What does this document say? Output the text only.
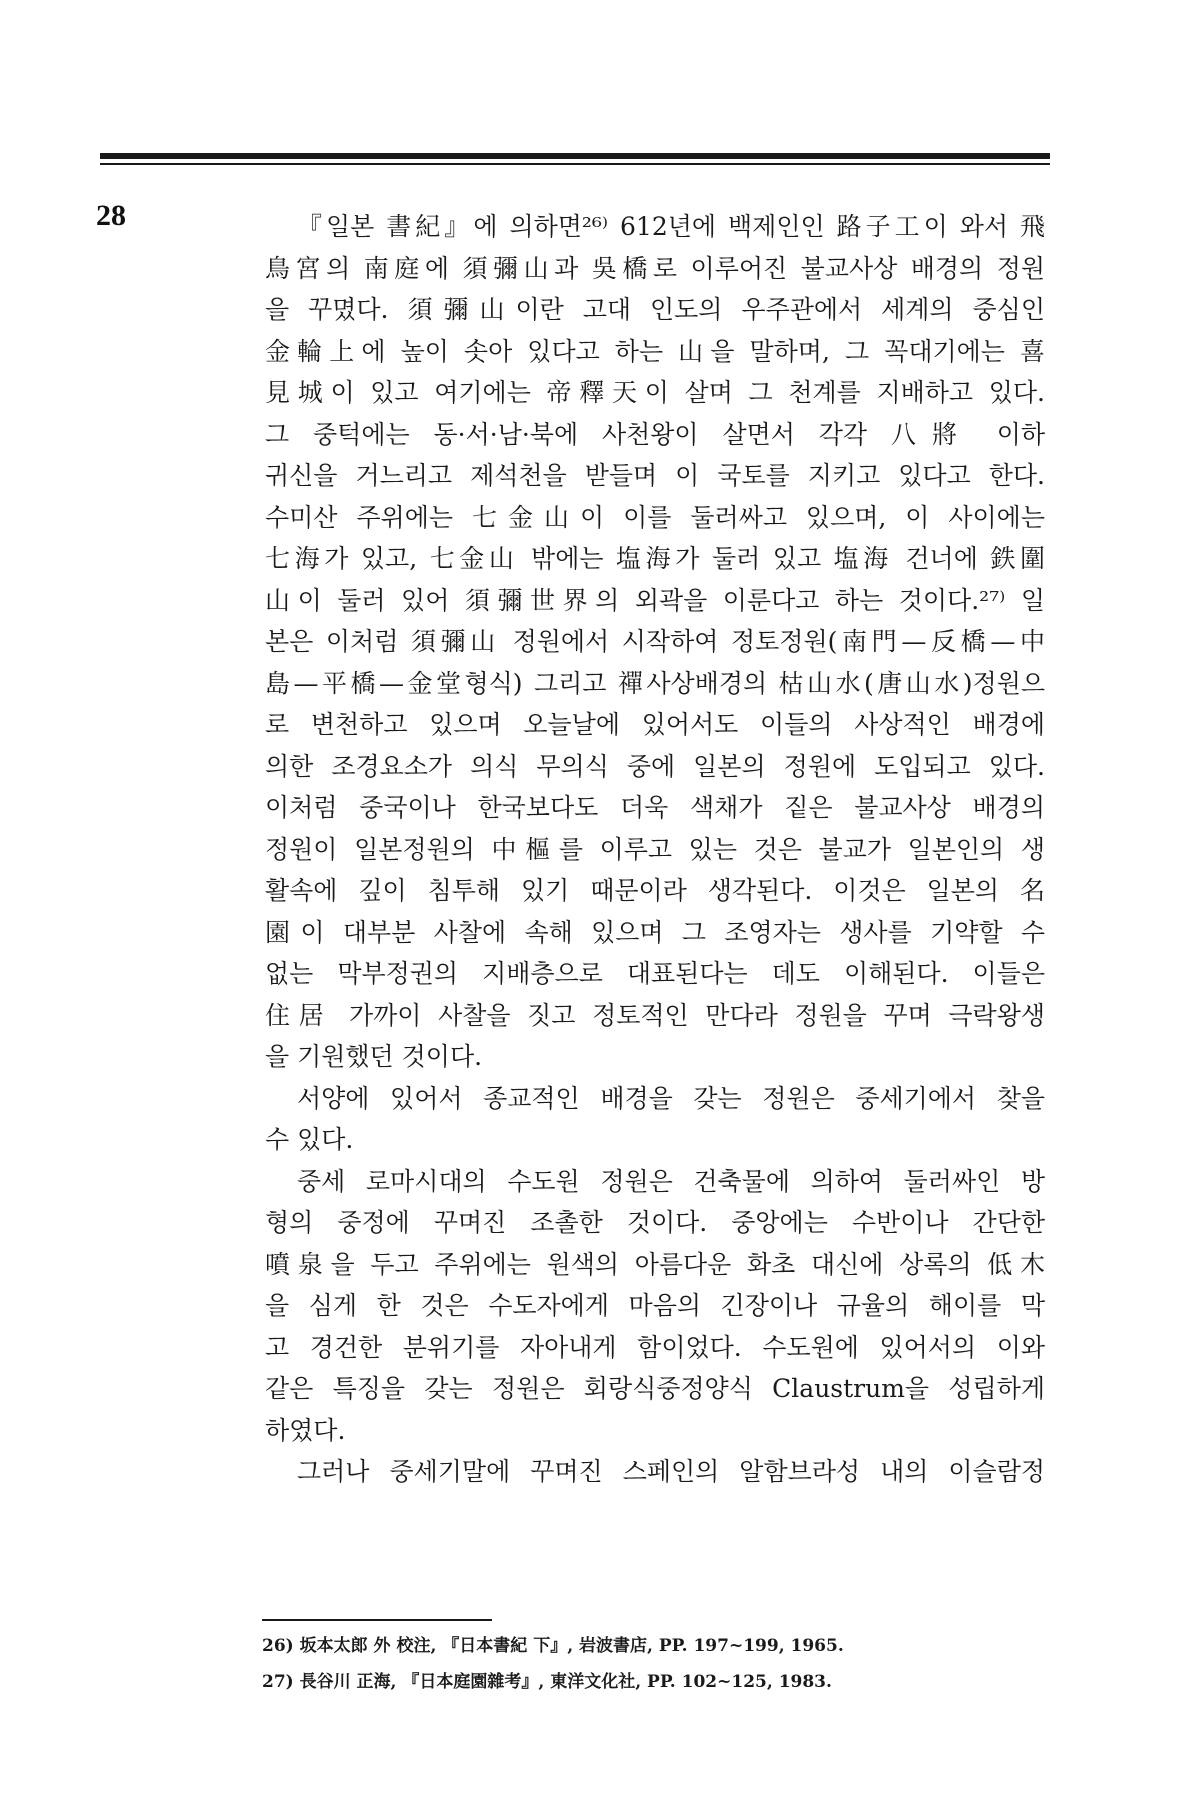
28	『일본 書紀』에 의하면²⁶⁾ 612년에 백제인인 路子工이 와서 飛
鳥宮의 南庭에 須彌山과 吳橋로 이루어진 불교사상 배경의 정원
을 꾸몄다. 須彌山이란 고대 인도의 우주관에서 세계의 중심인
金輪上에 높이 솟아 있다고 하는 山을 말하며, 그 꼭대기에는 喜
見城이 있고 여기에는 帝釋天이 살며 그 천계를 지배하고 있다.
그 중턱에는 동·서·남·북에 사천왕이 살면서 각각 八將 이하
귀신을 거느리고 제석천을 받들며 이 국토를 지키고 있다고 한다.
수미산 주위에는 七金山이 이를 둘러싸고 있으며, 이 사이에는
七海가 있고, 七金山 밖에는 塩海가 둘러 있고 塩海 건너에 鉄圍
山이 둘러 있어 須彌世界의 외곽을 이룬다고 하는 것이다.²⁷⁾ 일
본은 이처럼 須彌山 정원에서 시작하여 정토정원(南門—反橋—中
島—平橋—金堂형식) 그리고 禪사상배경의 枯山水(唐山水)정원으
로 변천하고 있으며 오늘날에 있어서도 이들의 사상적인 배경에
의한 조경요소가 의식 무의식 중에 일본의 정원에 도입되고 있다.
이처럼 중국이나 한국보다도 더욱 색채가 짙은 불교사상 배경의
정원이 일본정원의 中樞를 이루고 있는 것은 불교가 일본인의 생
활속에 깊이 침투해 있기 때문이라 생각된다. 이것은 일본의 名
園이 대부분 사찰에 속해 있으며 그 조영자는 생사를 기약할 수
없는 막부정권의 지배층으로 대표된다는 데도 이해된다. 이들은
住居 가까이 사찰을 짓고 정토적인 만다라 정원을 꾸며 극락왕생
을 기원했던 것이다.
서양에 있어서 종교적인 배경을 갖는 정원은 중세기에서 찾을
수 있다.
중세 로마시대의 수도원 정원은 건축물에 의하여 둘러싸인 방
형의 중정에 꾸며진 조촐한 것이다. 중앙에는 수반이나 간단한
噴泉을 두고 주위에는 원색의 아름다운 화초 대신에 상록의 低木
을 심게 한 것은 수도자에게 마음의 긴장이나 규율의 해이를 막
고 경건한 분위기를 자아내게 함이었다. 수도원에 있어서의 이와
같은 특징을 갖는 정원은 회랑식중정양식 Claustrum을 성립하게
하였다.
그러나 중세기말에 꾸며진 스페인의 알함브라성 내의 이슬람정
26) 坂本太郎 外 校注, 『日本書紀 下』, 岩波書店, PP. 197~199, 1965.
27) 長谷川 正海, 『日本庭園雜考』, 東洋文化社, PP. 102~125, 1983.
